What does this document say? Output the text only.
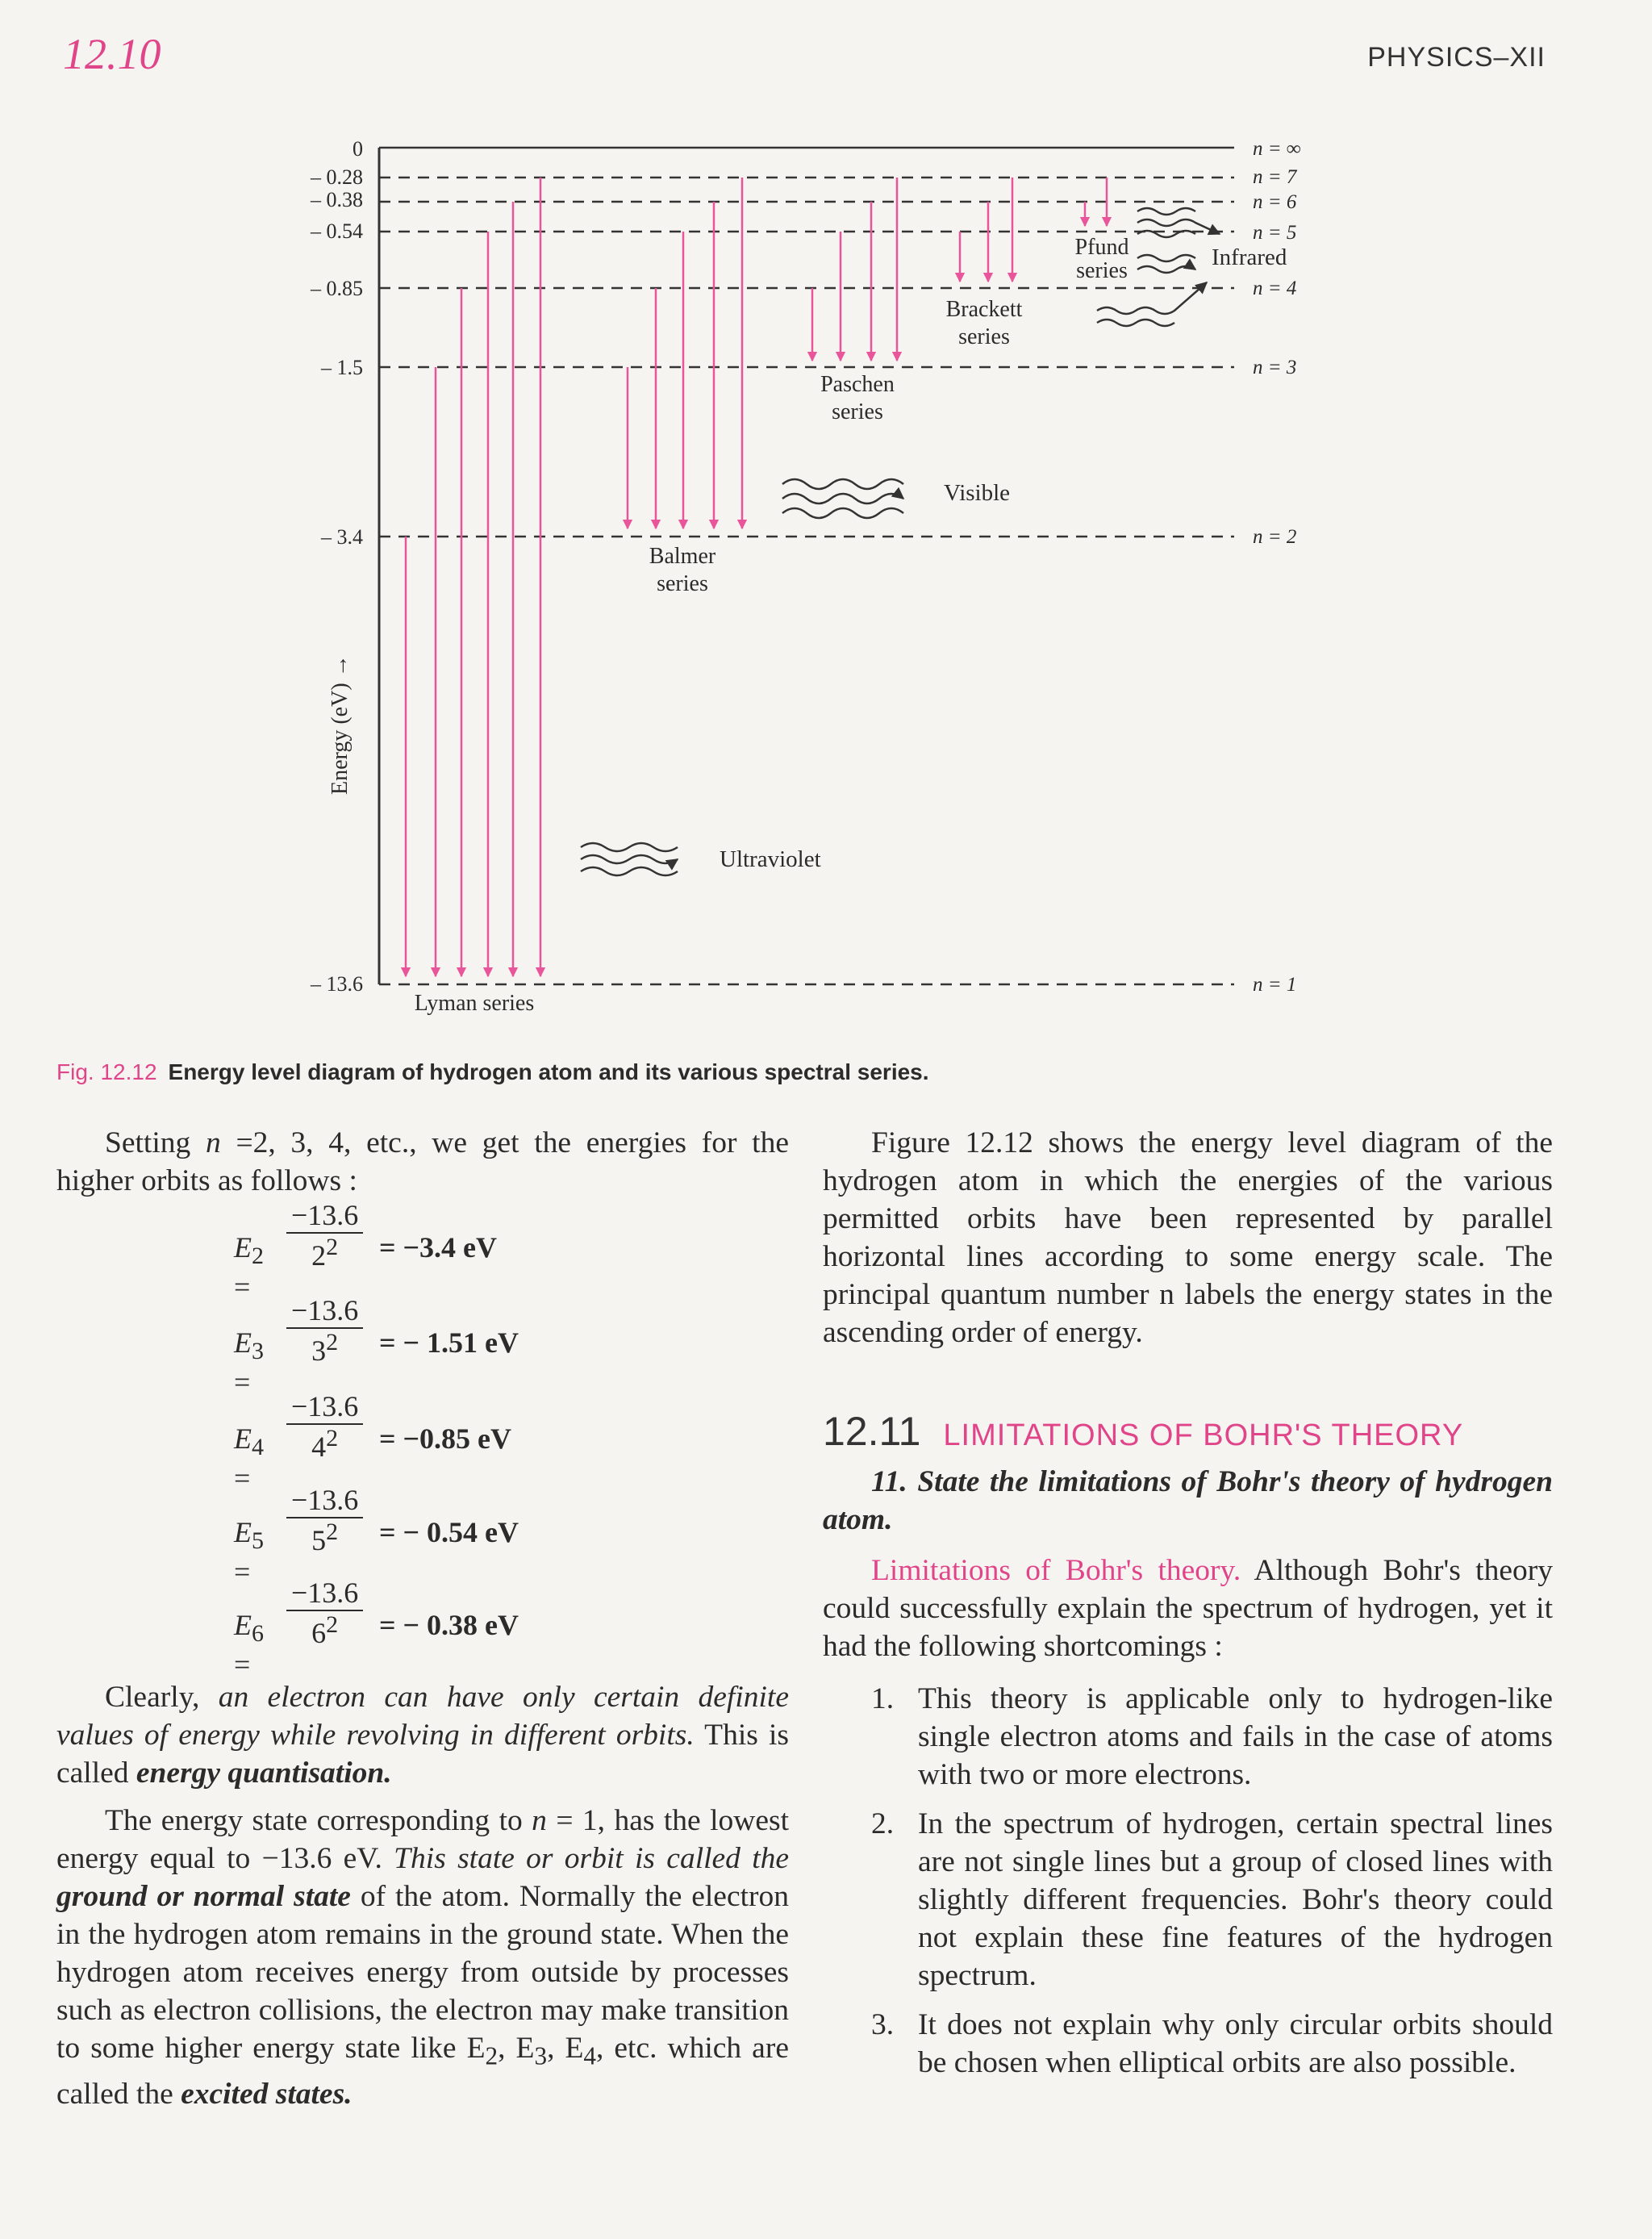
12.10	PHYSICS–XII
0
– 0.28
– 0.38
– 0.54
– 0.85
– 1.5
– 3.4
– 13.6
n = ∞
n = 7
n = 6
n = 5
n = 4
n = 3
n = 2
n = 1
Energy (eV) →
Lyman series
Balmer
series
Paschen
series
Brackett
series
Pfund
series
Visible
Ultraviolet
Infrared
Fig. 12.12 Energy level diagram of hydrogen atom and its various spectral series.

Setting n =2, 3, 4, etc., we get the energies for the higher orbits as follows :

$E_2$ =
$\frac{-13.6}{2^2} = -3.4$ eV
$E_3$ =
$\frac{-13.6}{3^2}$ = − 1.51 eV
$E_4$ =
$\frac{-13.6}{4^2} = -0.85$ eV
$E_5$ =
$\frac{-13.6}{5^2}$ = − 0.54 eV
$E_6$ =
$\frac{-13.6}{6^2}$ = − 0.38 eV

Clearly, an electron can have only certain definite values of energy while revolving in different orbits. This is called energy quantisation.

The energy state corresponding to n = 1, has the lowest energy equal to −13.6 eV. This state or orbit is called the ground or normal state of the atom. Normally the electron in the hydrogen atom remains in the ground state. When the hydrogen atom receives energy from outside by processes such as electron collisions, the electron may make transition to some higher energy state like $E_2$, $E_3$, $E_4$, etc. which are called the excited states.

Figure 12.12 shows the energy level diagram of the hydrogen atom in which the energies of the various permitted orbits have been represented by parallel horizontal lines according to some energy scale. The principal quantum number n labels the energy states in the ascending order of energy.

12.11 LIMITATIONS OF BOHR'S THEORY

11. State the limitations of Bohr's theory of hydrogen atom.

Limitations of Bohr's theory. Although Bohr's theory could successfully explain the spectrum of hydrogen, yet it had the following shortcomings :

1. This theory is applicable only to hydrogen-like single electron atoms and fails in the case of atoms with two or more electrons.
2. In the spectrum of hydrogen, certain spectral lines are not single lines but a group of closed lines with slightly different frequencies. Bohr's theory could not explain these fine features of the hydrogen spectrum.
3. It does not explain why only circular orbits should be chosen when elliptical orbits are also possible.
